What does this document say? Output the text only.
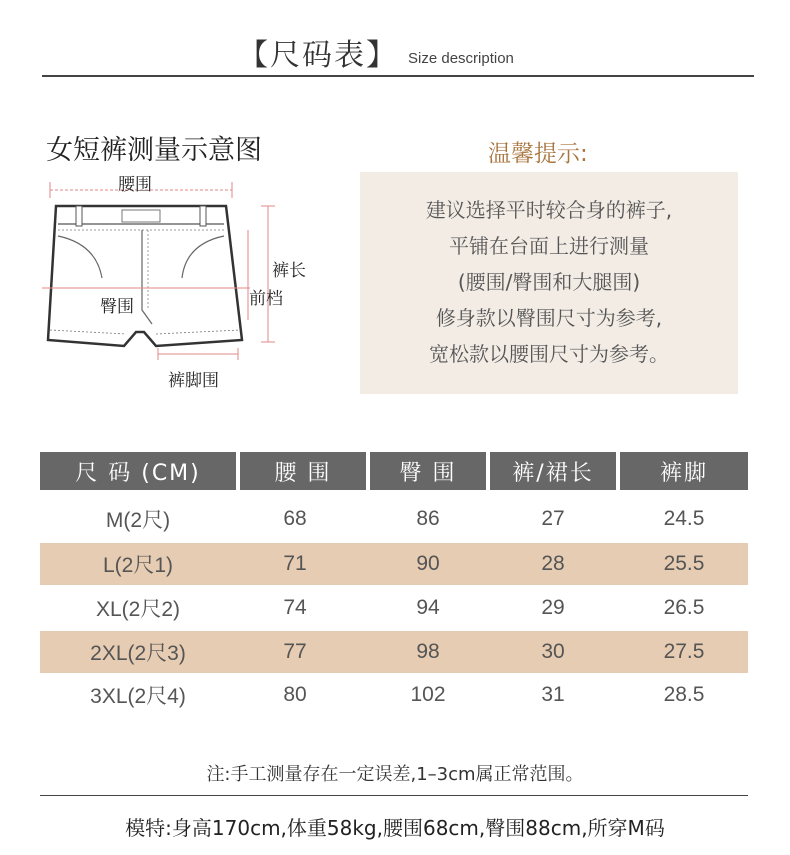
【尺码表】 Size description
女短裤测量示意图
腰围
臀围
裤长
前档
裤脚围
温馨提示:
建议选择平时较合身的裤子,
平铺在台面上进行测量
(腰围/臀围和大腿围)
修身款以臀围尺寸为参考,
宽松款以腰围尺寸为参考。
尺 码 (CM)	腰 围	臀 围	裤/裙长	裤脚
M(2尺)	68	86	27	24.5
L(2尺1)	71	90	28	25.5
XL(2尺2)	74	94	29	26.5
2XL(2尺3)	77	98	30	27.5
3XL(2尺4)	80	102	31	28.5
注:手工测量存在一定误差,1–3cm属正常范围。
模特:身高170cm,体重58kg,腰围68cm,臀围88cm,所穿M码
